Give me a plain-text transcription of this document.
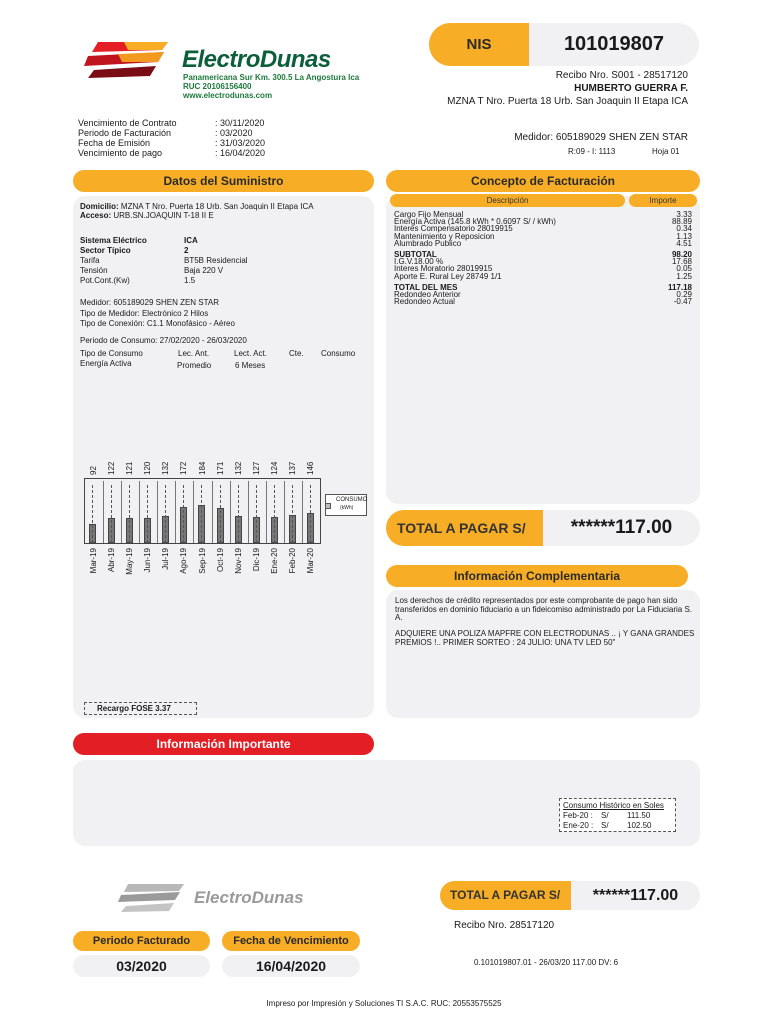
ElectroDunas
Panamericana Sur Km. 300.5 La Angostura Ica
RUC 20106156400
www.electrodunas.com
NIS	101019807
Recibo Nro. S001 - 28517120
HUMBERTO GUERRA F.
MZNA T Nro. Puerta 18 Urb. San Joaquin II Etapa ICA
Vencimiento de Contrato	: 30/11/2020
Periodo de Facturación	: 03/2020
Fecha de Emisión	: 31/03/2020
Vencimiento de pago	: 16/04/2020
Medidor: 605189029 SHEN ZEN STAR
R:09 - I: 1113	Hoja 01
Datos del Suministro
Domicilio: MZNA T Nro. Puerta 18 Urb. San Joaquin II Etapa ICA
Acceso: URB.SN.JOAQUIN T-18 II E
Sistema Eléctrico	ICA
Sector Típico	2
Tarifa	BT5B Residencial
Tensión	Baja 220 V
Pot.Cont.(Kw)	1.5
Medidor: 605189029 SHEN ZEN STAR
Tipo de Medidor: Electrónico 2 Hilos
Tipo de Conexión: C1.1 Monofásico - Aéreo
Periodo de Consumo: 27/02/2020 - 26/03/2020
Tipo de Consumo	Lec. Ant.	Lect. Act.	Cte. Consumo
Energía Activa	Promedio	6 Meses
CONSUMO
(kWh)
92
Mar-19
122
Abr-19
121
May-19
120
Jun-19
132
Jul-19
172
Ago-19
184
Sep-19
171
Oct-19
132
Nov-19
127
Dic-19
124
Ene-20
137
Feb-20
146
Mar-20
Recargo FOSE 3.37
Concepto de Facturación
Descripción	Importe
Cargo Fijo Mensual	3.33
Energía Activa (145.8 kWh * 0.6097 S/ / kWh)	88.89
Interes Compensatorio 28019915	0.34
Mantenimiento y Reposicion	1.13
Alumbrado Publico	4.51
SUBTOTAL	98.20
I.G.V.18.00 %	17.68
Interes Moratorio 28019915	0.05
Aporte E. Rural Ley 28749 1/1	1.25
TOTAL DEL MES	117.18
Redondeo Anterior	0.29
Redondeo Actual	-0.47
TOTAL A PAGAR S/	******117.00
Información Complementaria
Los derechos de crédito representados por este comprobante de pago han sido transferidos en dominio fiduciario a un fideicomiso administrado por La Fiduciaria S. A.
ADQUIERE UNA POLIZA MAPFRE CON ELECTRODUNAS .. ¡ Y GANA GRANDES PREMIOS !.. PRIMER SORTEO : 24 JULIO: UNA TV LED 50"
Información Importante
Consumo Histórico en Soles
Feb-20 : S/ 111.50
Ene-20 : S/ 102.50
ElectroDunas	TOTAL A PAGAR S/	******117.00
Recibo Nro. 28517120
Periodo Facturado
03/2020
Fecha de Vencimiento
16/04/2020	0.101019807.01 - 26/03/20 117.00 DV: 6
Impreso por Impresión y Soluciones TI S.A.C. RUC: 20553575525
